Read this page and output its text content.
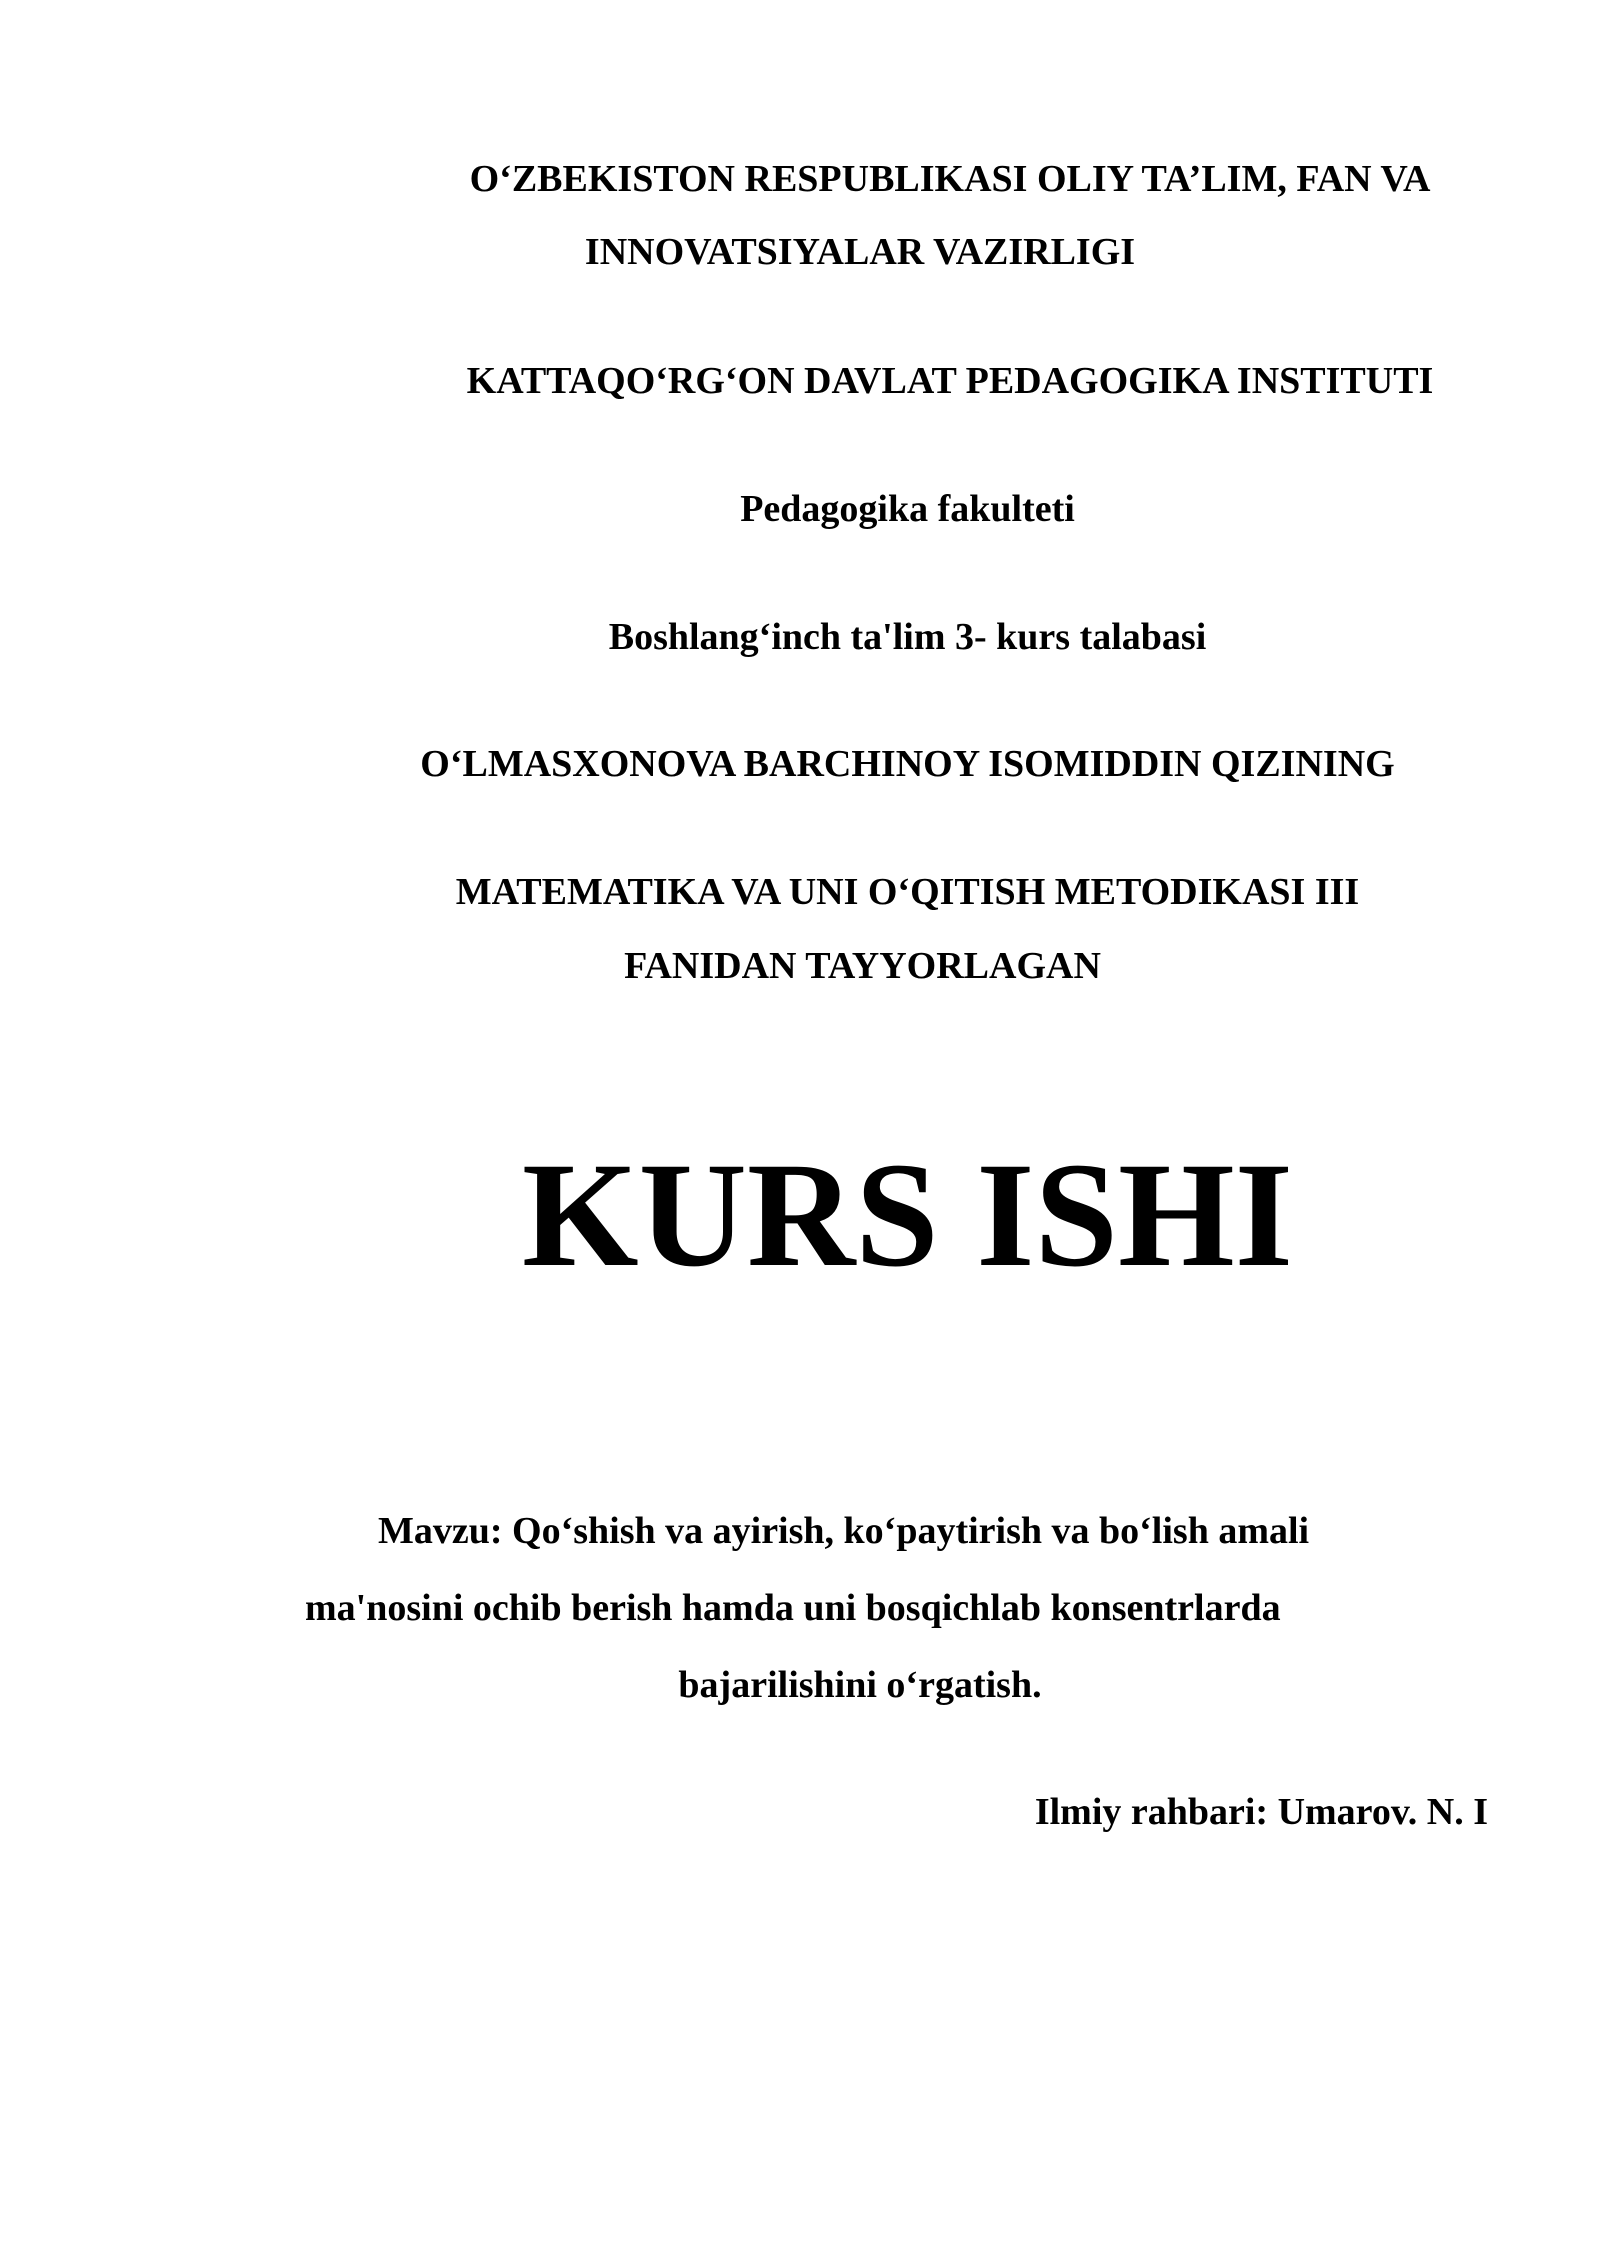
O‘ZBEKISTON RESPUBLIKASI OLIY TA’LIM, FAN VA
INNOVATSIYALAR VAZIRLIGI
KATTAQO‘RG‘ON DAVLAT PEDAGOGIKA INSTITUTI
Pedagogika fakulteti
Boshlang‘inch ta'lim 3- kurs talabasi
O‘LMASXONOVA BARCHINOY ISOMIDDIN QIZINING
MATEMATIKA VA UNI O‘QITISH METODIKASI III
FANIDAN TAYYORLAGAN
KURS ISHI
Mavzu: Qo‘shish va ayirish, ko‘paytirish va bo‘lish amali
ma'nosini ochib berish hamda uni bosqichlab konsentrlarda
bajarilishini o‘rgatish.
Ilmiy rahbari: Umarov. N. I
